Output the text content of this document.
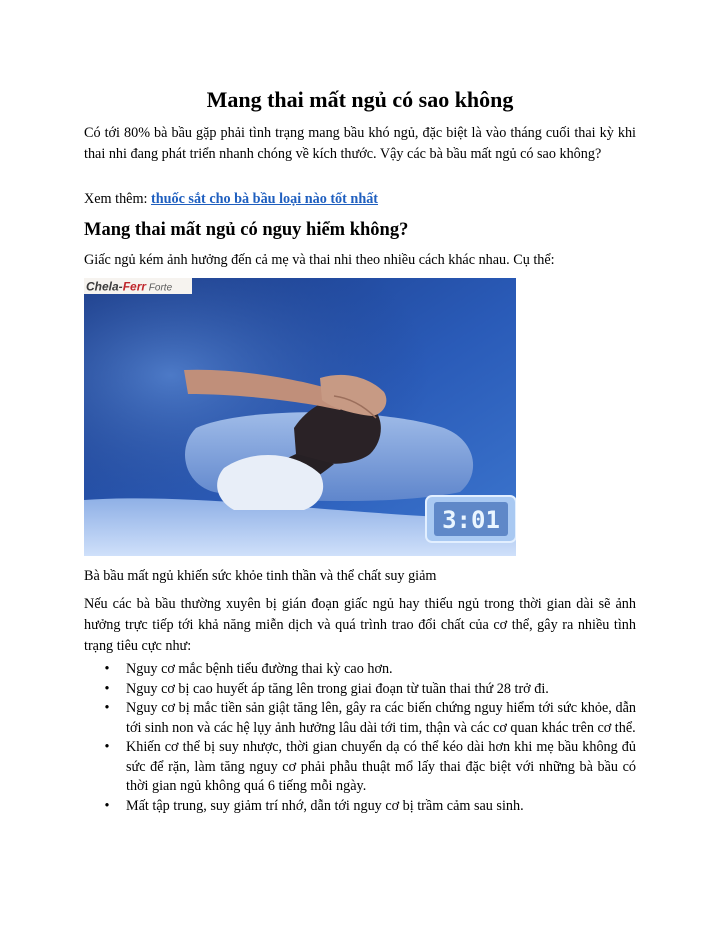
Mang thai mất ngủ có sao không

Có tới 80% bà bầu gặp phải tình trạng mang bầu khó ngủ, đặc biệt là vào tháng cuối thai kỳ khi thai nhi đang phát triển nhanh chóng về kích thước. Vậy các bà bầu mất ngủ có sao không?

Xem thêm: thuốc sắt cho bà bầu loại nào tốt nhất

Mang thai mất ngủ có nguy hiểm không?

Giấc ngủ kém ảnh hưởng đến cả mẹ và thai nhi theo nhiều cách khác nhau. Cụ thể:

3:01
Chela-Ferr Forte

Bà bầu mất ngủ khiến sức khỏe tinh thần và thể chất suy giảm

Nếu các bà bầu thường xuyên bị gián đoạn giấc ngủ hay thiếu ngủ trong thời gian dài sẽ ảnh hưởng trực tiếp tới khả năng miễn dịch và quá trình trao đổi chất của cơ thể, gây ra nhiều tình trạng tiêu cực như:

• Nguy cơ mắc bệnh tiểu đường thai kỳ cao hơn.
• Nguy cơ bị cao huyết áp tăng lên trong giai đoạn từ tuần thai thứ 28 trở đi.
• Nguy cơ bị mắc tiền sản giật tăng lên, gây ra các biến chứng nguy hiểm tới sức khỏe, dẫn tới sinh non và các hệ lụy ảnh hưởng lâu dài tới tim, thận và các cơ quan khác trên cơ thể.
• Khiến cơ thể bị suy nhược, thời gian chuyển dạ có thể kéo dài hơn khi mẹ bầu không đủ sức để rặn, làm tăng nguy cơ phải phẫu thuật mổ lấy thai đặc biệt với những bà bầu có thời gian ngủ không quá 6 tiếng mỗi ngày.
• Mất tập trung, suy giảm trí nhớ, dẫn tới nguy cơ bị trầm cảm sau sinh.
